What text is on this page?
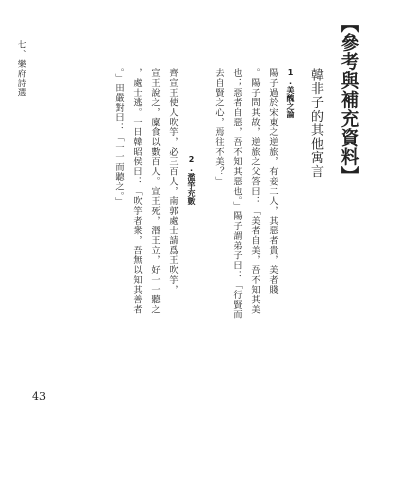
【參考與補充資料】
韓非子的其他寓言
1.美醜之論
陽子過於宋東之逆旅，有妾二人，其惡者貴，美者賤
。陽子問其故，逆旅之父答曰：「美者自美，吾不知其美
也；惡者自惡，吾不知其惡也。」陽子謂弟子曰：「行賢而
去自賢之心，焉往不美？」
2.濫竽充數
齊宣王使人吹竽，必三百人，南郭處士請爲王吹竽，
宣王說之，廩食以數百人。宣王死，湣王立，好一一聽之
，處士逃。一日韓昭侯曰：「吹竽者衆，吾無以知其善者
。」田嚴對曰：「一一而聽之。」
七、樂府詩選
43
